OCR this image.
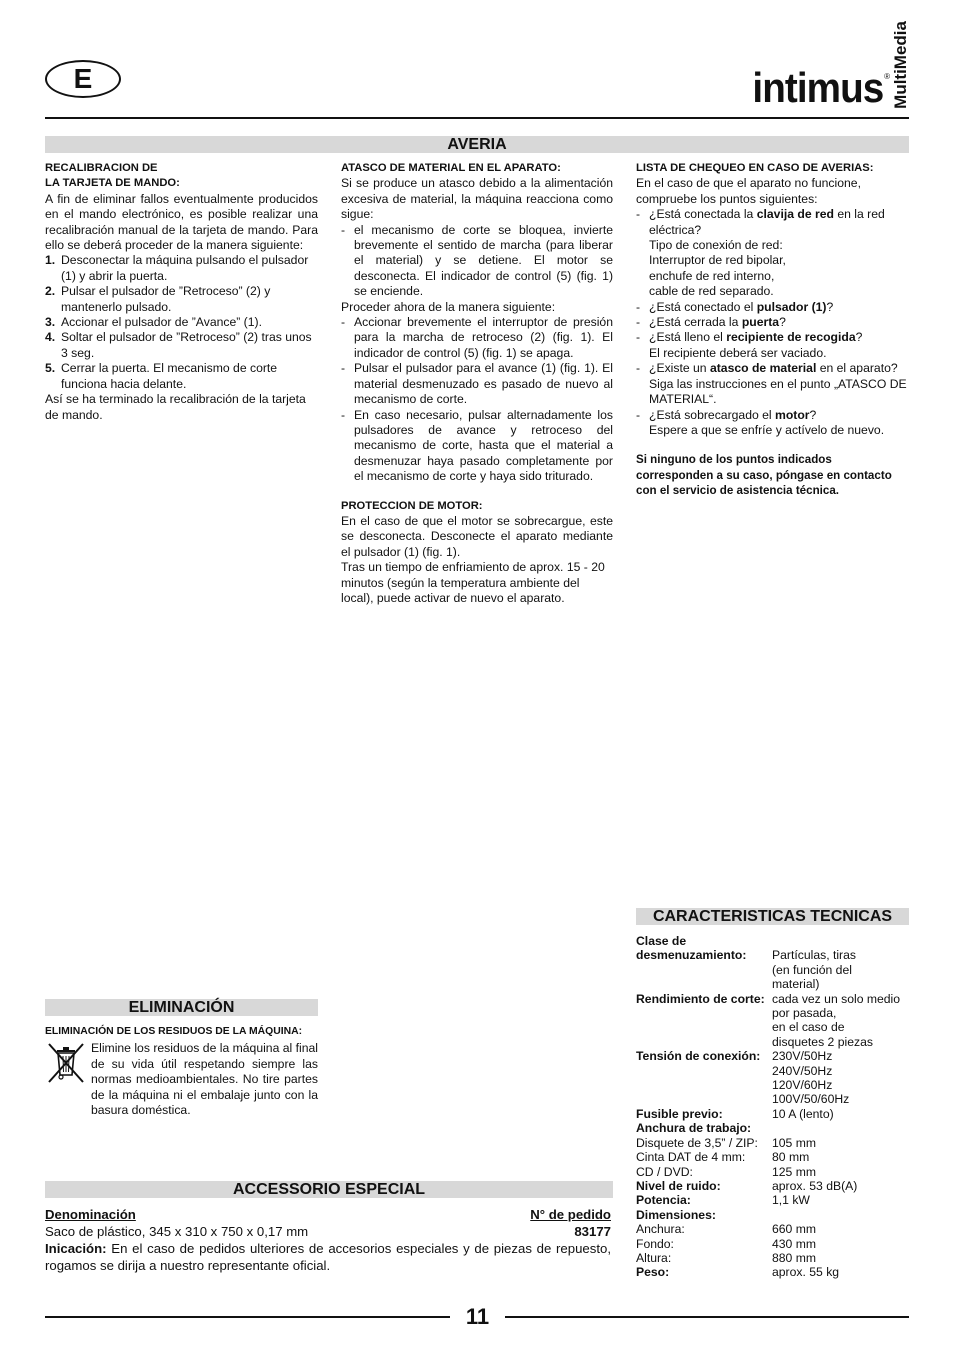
E	intimus ® MultiMedia
AVERIA

RECALIBRACION DE

LA TARJETA DE MANDO:

A fin de eliminar fallos eventualmente producidos en el mando electrónico, es posible realizar una recalibración manual de la tarjeta de mando. Para ello se deberá proceder de la manera siguiente:

1. Desconectar la máquina pulsando el pulsador (1) y abrir la puerta.
2. Pulsar el pulsador de ”Retroceso” (2) y mantenerlo pulsado.
3. Accionar el pulsador de ”Avance” (1).
4. Soltar el pulsador de ”Retroceso” (2) tras unos 3 seg.
5. Cerrar la puerta. El mecanismo de corte funciona hacia delante.

Así se ha terminado la recalibración de la tarjeta de mando.

ATASCO DE MATERIAL EN EL APARATO:

Si se produce un atasco debido a la alimentación excesiva de material, la máquina reacciona como sigue:

- el mecanismo de corte se bloquea, invierte brevemente el sentido de marcha (para liberar el material) y se detiene. El motor se desconecta. El indicador de control (5) (fig. 1) se enciende.

Proceder ahora de la manera siguiente:

- Accionar brevemente el interruptor de presión para la marcha de retroceso (2) (fig. 1). El indicador de control (5) (fig. 1) se apaga.
- Pulsar el pulsador para el avance (1) (fig. 1). El material desmenuzado es pasado de nuevo al mecanismo de corte.
- En caso necesario, pulsar alternadamente los pulsadores de avance y retroceso del mecanismo de corte, hasta que el material a desmenuzar haya pasado completamente por el mecanismo de corte y haya sido triturado.

PROTECCION DE MOTOR:

En el caso de que el motor se sobrecargue, este se desconecta. Desconecte el aparato mediante el pulsador (1) (fig. 1).

Tras un tiempo de enfriamiento de aprox. 15 - 20 minutos (según la temperatura ambiente del local), puede activar de nuevo el aparato.

LISTA DE CHEQUEO EN CASO DE AVERIAS:

En el caso de que el aparato no funcione, compruebe los puntos siguientes:

- ¿Está conectada la clavija de red en la red eléctrica?
Tipo de conexión de red:
Interruptor de red bipolar,
enchufe de red interno,
cable de red separado.
- ¿Está conectado el pulsador (1)?
- ¿Está cerrada la puerta?
- ¿Está lleno el recipiente de recogida?
El recipiente deberá ser vaciado.
- ¿Existe un atasco de material en el aparato?
Siga las instrucciones en el punto „ATASCO DE MATERIAL“.
- ¿Está sobrecargado el motor?
Espere a que se enfríe y actívelo de nuevo.

Si ninguno de los puntos indicados corresponden a su caso, póngase en contacto con el servicio de asistencia técnica.

CARACTERISTICAS TECNICAS
Clase de
desmenuzamiento:	Partículas, tiras
(en función del
material)
Rendimiento de corte: cada vez un solo medio
por pasada,
en el caso de
disquetes 2 piezas
Tensión de conexión: 230V/50Hz
240V/50Hz
120V/60Hz
100V/50/60Hz
Fusible previo:	10 A (lento)
Anchura de trabajo:
Disquete de 3,5” / ZIP:	105 mm
Cinta DAT de 4 mm:	80 mm
CD / DVD:	125 mm
Nivel de ruido:	aprox. 53 dB(A)
Potencia:	1,1 kW
Dimensiones:
Anchura:	660 mm
Fondo:	430 mm
Altura:	880 mm
Peso:	aprox. 55 kg
ELIMINACIÓN

ELIMINACIÓN DE LOS RESIDUOS DE LA MÁQUINA:

Elimine los residuos de la máquina al final de su vida útil respetando siempre las normas medioambientales. No tire partes de la máquina ni el embalaje junto con la basura doméstica.

ACCESSORIO ESPECIAL
Denominación	N° de pedido
Saco de plástico, 345 x 310 x 750 x 0,17 mm	83177

Inicación: En el caso de pedidos ulteriores de accesorios especiales y de piezas de repuesto, rogamos se dirija a nuestro representante oficial.

11
